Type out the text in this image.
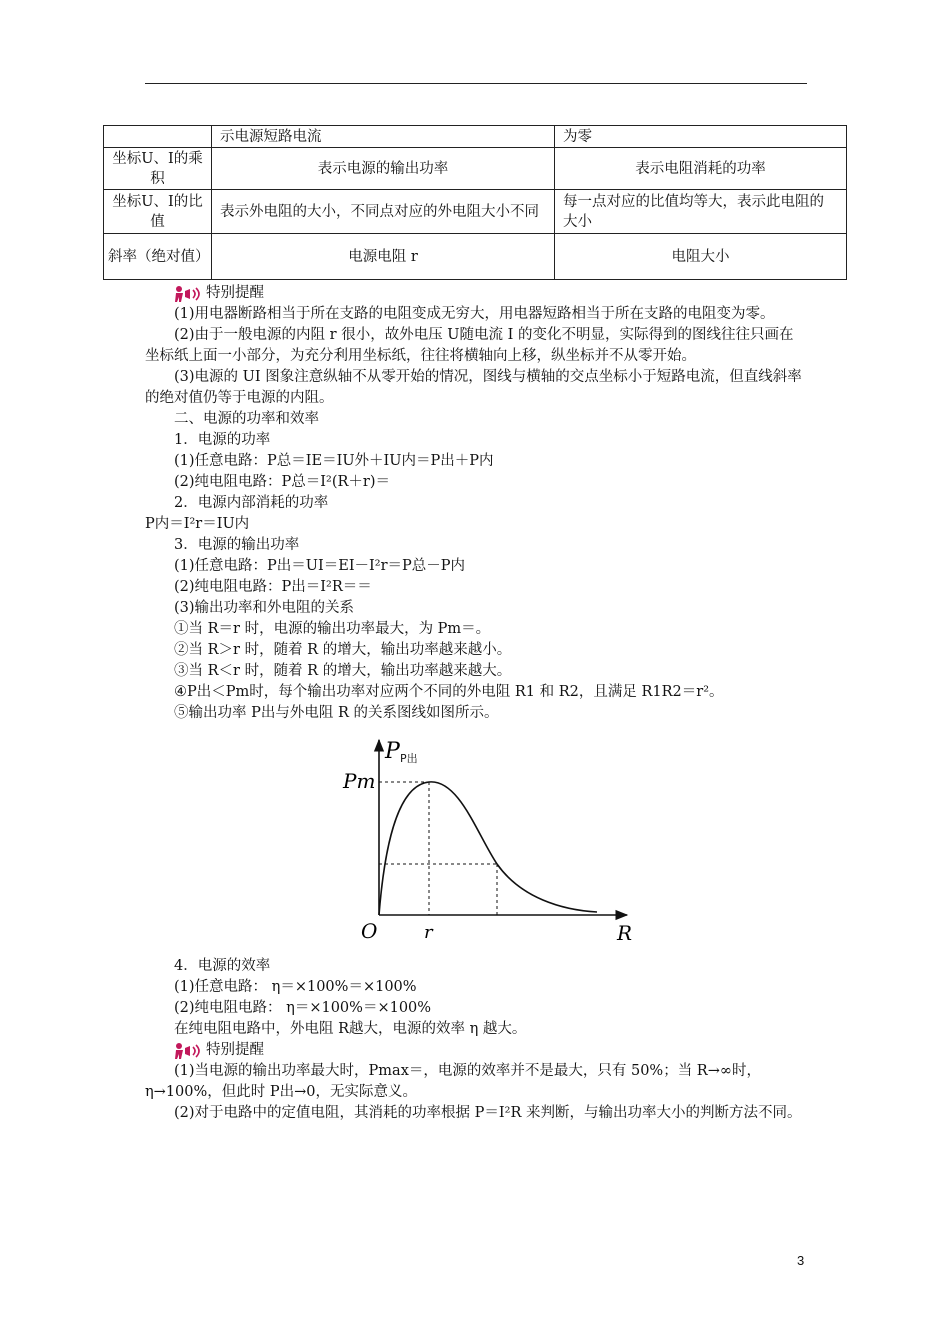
	示电源短路电流	为零
坐标U、I的乘积	表示电源的输出功率	表示电阻消耗的功率
坐标U、I的比值	表示外电阻的大小，不同点对应的外电阻大小不同	每一点对应的比值均等大，表示此电阻的大小
斜率（绝对值）	电源电阻 r	电阻大小

特别提醒

(1)用电器断路相当于所在支路的电阻变成无穷大，用电器短路相当于所在支路的电阻变为零。

(2)由于一般电源的内阻 r 很小，故外电压 U随电流 I 的变化不明显，实际得到的图线往往只画在坐标纸上面一小部分，为充分利用坐标纸，往往将横轴向上移，纵坐标并不从零开始。

(3)电源的 UI 图象注意纵轴不从零开始的情况，图线与横轴的交点坐标小于短路电流，但直线斜率的绝对值仍等于电源的内阻。

二、电源的功率和效率

1．电源的功率

(1)任意电路：P总＝IE＝IU外＋IU内＝P出＋P内

(2)纯电阻电路：P总＝I²(R＋r)＝

2．电源内部消耗的功率

P内＝I²r＝IU内

3．电源的输出功率

(1)任意电路：P出＝UI＝EI－I²r＝P总－P内

(2)纯电阻电路：P出＝I²R＝＝

(3)输出功率和外电阻的关系

①当 R＝r 时，电源的输出功率最大，为 Pm＝。

②当 R＞r 时，随着 R 的增大，输出功率越来越小。

③当 R＜r 时，随着 R 的增大，输出功率越来越大。

④P出＜Pm时，每个输出功率对应两个不同的外电阻 R1 和 R2，且满足 R1R2＝r²。

⑤输出功率 P出与外电阻 R 的关系图线如图所示。

P P出
Pm
O	r	R

4．电源的效率

(1)任意电路： η＝×100%＝×100%

(2)纯电阻电路： η＝×100%＝×100%

在纯电阻电路中，外电阻 R越大，电源的效率 η 越大。

特别提醒

(1)当电源的输出功率最大时，Pmax＝，电源的效率并不是最大，只有 50%；当 R→∞时，η→100%，但此时 P出→0，无实际意义。

(2)对于电路中的定值电阻，其消耗的功率根据 P＝I²R 来判断，与输出功率大小的判断方法不同。

3
